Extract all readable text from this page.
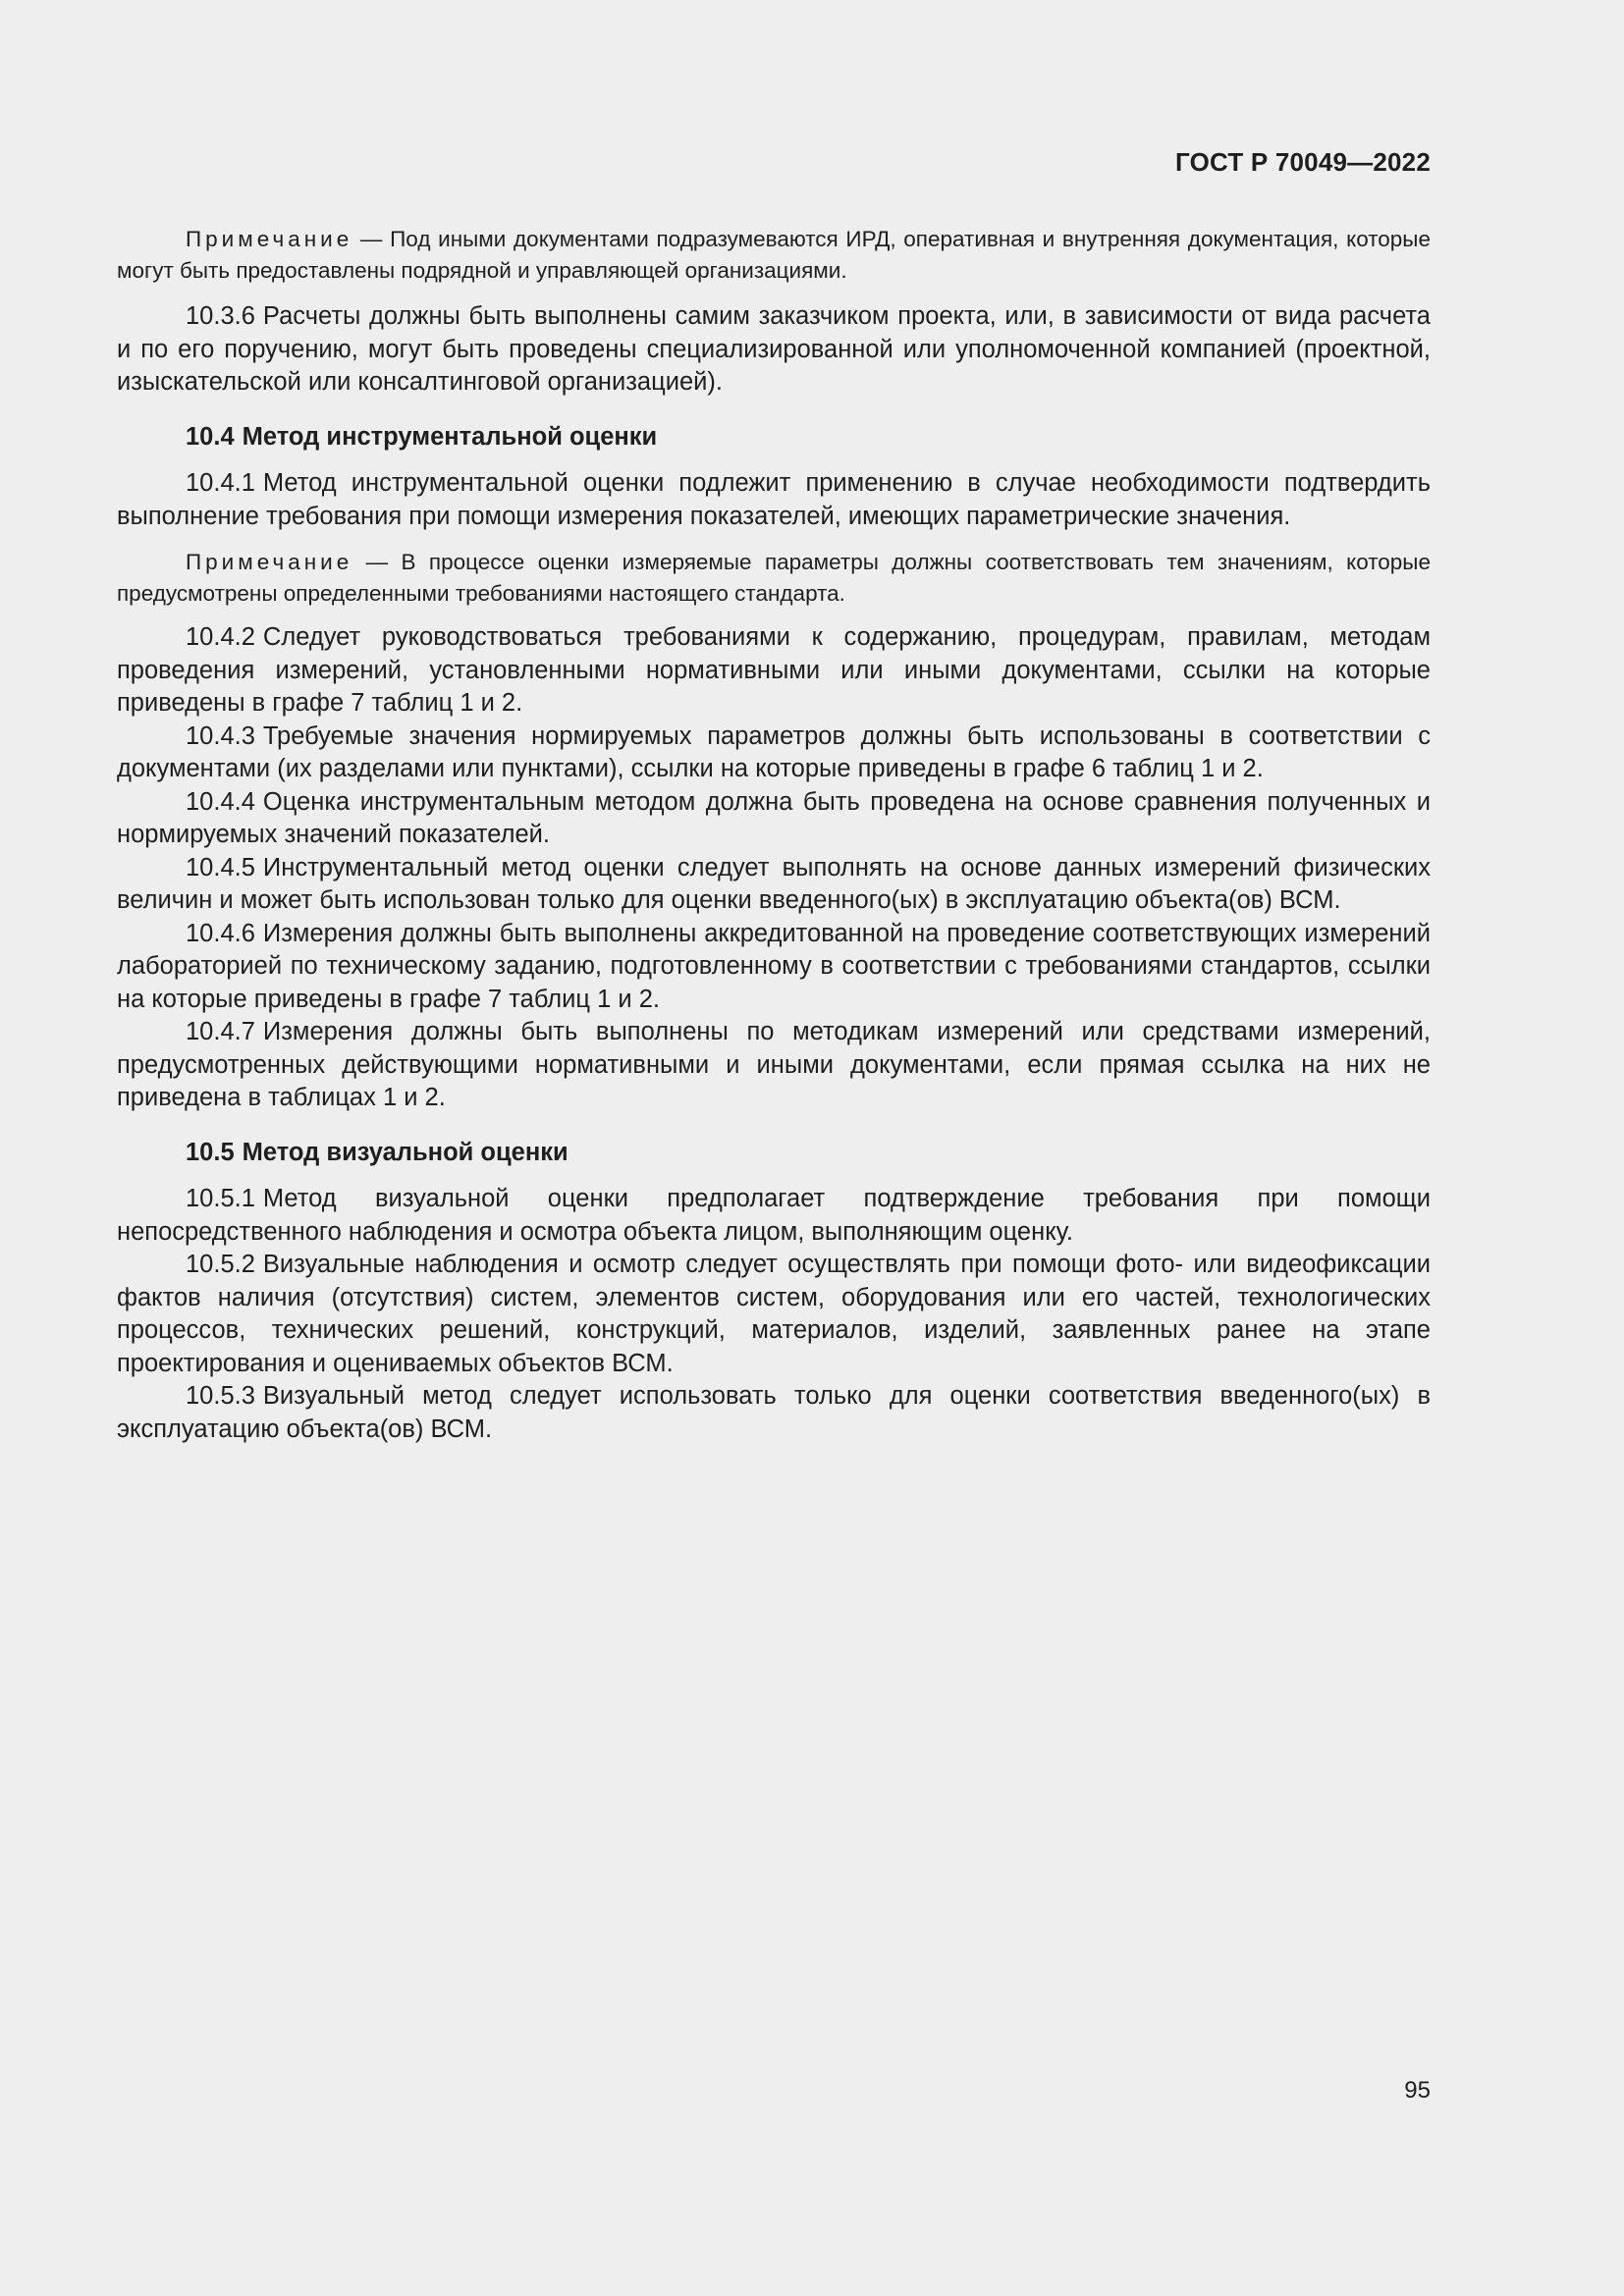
ГОСТ Р 70049—2022

Примечание — Под иными документами подразумеваются ИРД, оперативная и внутренняя документация, которые могут быть предоставлены подрядной и управляющей организациями.

10.3.6 Расчеты должны быть выполнены самим заказчиком проекта, или, в зависимости от вида расчета и по его поручению, могут быть проведены специализированной или уполномоченной компанией (проектной, изыскательской или консалтинговой организацией).

10.4 Метод инструментальной оценки

10.4.1 Метод инструментальной оценки подлежит применению в случае необходимости подтвердить выполнение требования при помощи измерения показателей, имеющих параметрические значения.

Примечание — В процессе оценки измеряемые параметры должны соответствовать тем значениям, которые предусмотрены определенными требованиями настоящего стандарта.

10.4.2 Следует руководствоваться требованиями к содержанию, процедурам, правилам, методам проведения измерений, установленными нормативными или иными документами, ссылки на которые приведены в графе 7 таблиц 1 и 2.

10.4.3 Требуемые значения нормируемых параметров должны быть использованы в соответствии с документами (их разделами или пунктами), ссылки на которые приведены в графе 6 таблиц 1 и 2.

10.4.4 Оценка инструментальным методом должна быть проведена на основе сравнения полученных и нормируемых значений показателей.

10.4.5 Инструментальный метод оценки следует выполнять на основе данных измерений физических величин и может быть использован только для оценки введенного(ых) в эксплуатацию объекта(ов) ВСМ.

10.4.6 Измерения должны быть выполнены аккредитованной на проведение соответствующих измерений лабораторией по техническому заданию, подготовленному в соответствии с требованиями стандартов, ссылки на которые приведены в графе 7 таблиц 1 и 2.

10.4.7 Измерения должны быть выполнены по методикам измерений или средствами измерений, предусмотренных действующими нормативными и иными документами, если прямая ссылка на них не приведена в таблицах 1 и 2.

10.5 Метод визуальной оценки

10.5.1 Метод визуальной оценки предполагает подтверждение требования при помощи непосредственного наблюдения и осмотра объекта лицом, выполняющим оценку.

10.5.2 Визуальные наблюдения и осмотр следует осуществлять при помощи фото- или видеофиксации фактов наличия (отсутствия) систем, элементов систем, оборудования или его частей, технологических процессов, технических решений, конструкций, материалов, изделий, заявленных ранее на этапе проектирования и оцениваемых объектов ВСМ.

10.5.3 Визуальный метод следует использовать только для оценки соответствия введенного(ых) в эксплуатацию объекта(ов) ВСМ.

95
